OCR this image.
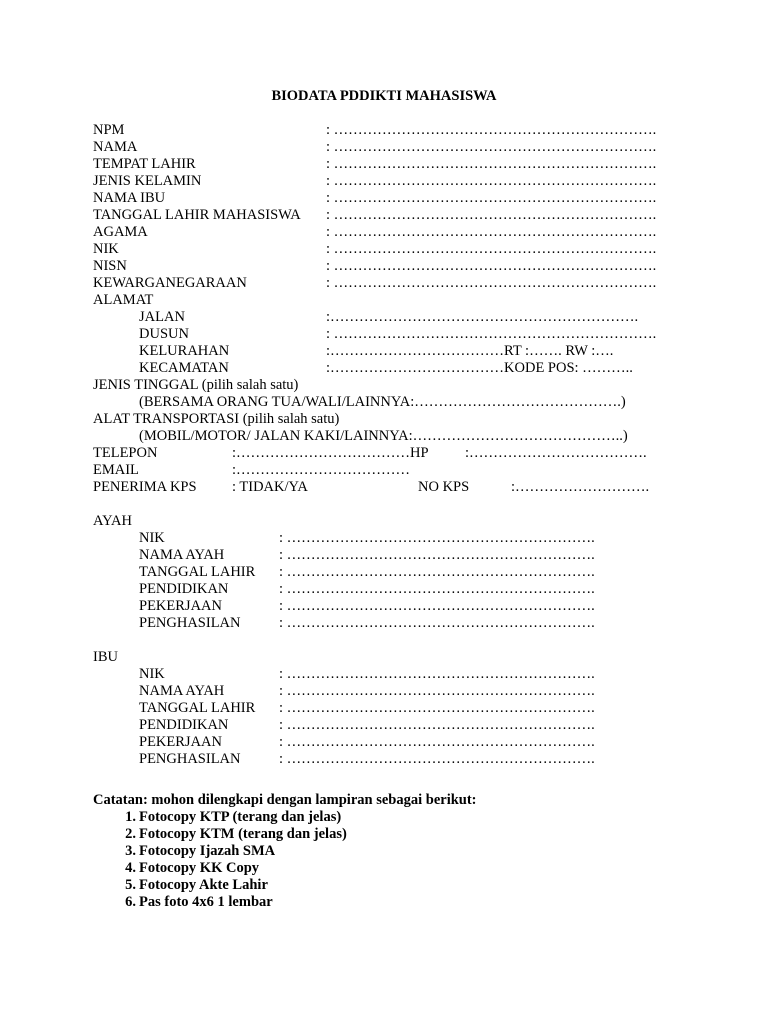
BIODATA PDDIKTI MAHASISWA
NPM	: ………………………………………………………….
NAMA	: ………………………………………………………….
TEMPAT LAHIR	: ………………………………………………………….
JENIS KELAMIN	: ………………………………………………………….
NAMA IBU	: ………………………………………………………….
TANGGAL LAHIR MAHASISWA : ………………………………………………………….
AGAMA	: ………………………………………………………….
NIK	: ………………………………………………………….
NISN	: ………………………………………………………….
KEWARGANEGARAAN	: ………………………………………………………….
ALAMAT
JALAN	:……………………………………………………….
DUSUN	: ………………………………………………………….
KELURAHAN	:………………………………RT :……. RW :….
KECAMATAN	:………………………………KODE POS: ………..
JENIS TINGGAL (pilih salah satu)
(BERSAMA ORANG TUA/WALI/LAINNYA:…………………………………….)
ALAT TRANSPORTASI (pilih salah satu)
(MOBIL/MOTOR/ JALAN KAKI/LAINNYA:……………………………………..)
TELEPON	:………………………………HP	:……………………………….
EMAIL	:………………………………
PENERIMA KPS : TIDAK/YA	NO KPS	:……………………….
AYAH
NIK	: ……………………………………………………….
NAMA AYAH	: ……………………………………………………….
TANGGAL LAHIR : ……………………………………………………….
PENDIDIKAN	: ……………………………………………………….
PEKERJAAN	: ……………………………………………………….
PENGHASILAN	: ……………………………………………………….
IBU
NIK	: ……………………………………………………….
NAMA AYAH	: ……………………………………………………….
TANGGAL LAHIR : ……………………………………………………….
PENDIDIKAN	: ……………………………………………………….
PEKERJAAN	: ……………………………………………………….
PENGHASILAN	: ……………………………………………………….
Catatan: mohon dilengkapi dengan lampiran sebagai berikut:
1. Fotocopy KTP (terang dan jelas)
2. Fotocopy KTM (terang dan jelas)
3. Fotocopy Ijazah SMA
4. Fotocopy KK Copy
5. Fotocopy Akte Lahir
6. Pas foto 4x6 1 lembar
